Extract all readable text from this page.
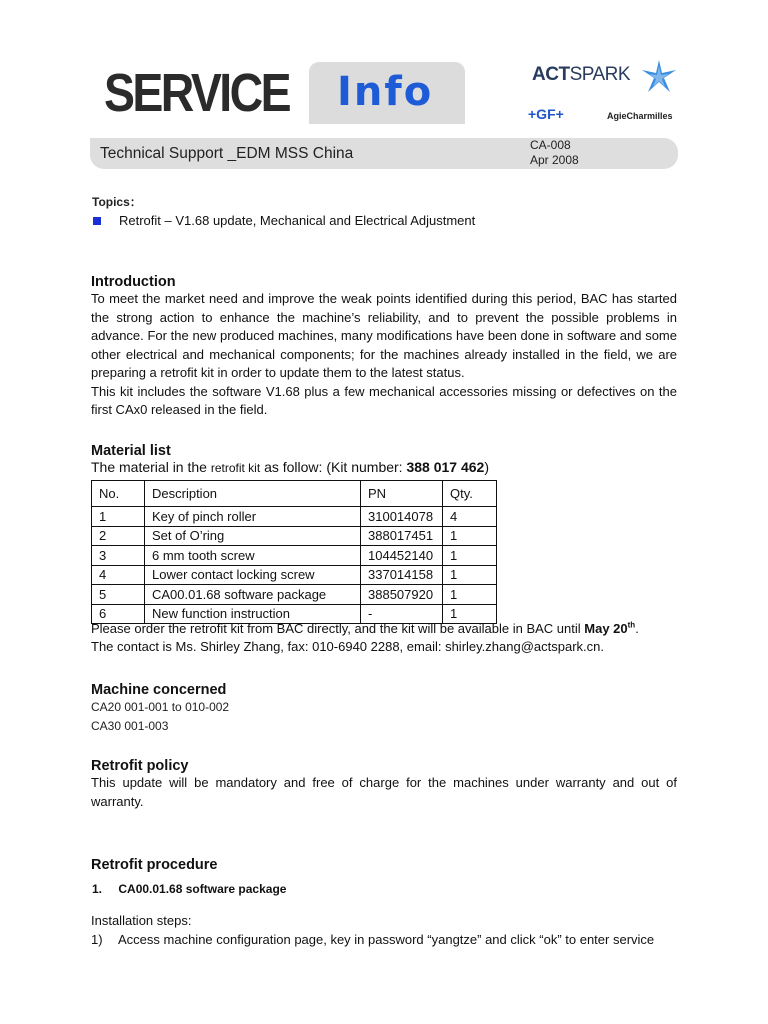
SERVICE Info	ACTSPARK
+GF+	AgieCharmilles
Technical Support _EDM MSS China	CA-008
Apr 2008
Topics：
Retrofit – V1.68 update, Mechanical and Electrical Adjustment
Introduction
To meet the market need and improve the weak points identified during this period, BAC has started the strong action to enhance the machine’s reliability, and to prevent the possible problems in advance. For the new produced machines, many modifications have been done in software and some other electrical and mechanical components; for the machines already installed in the field, we are preparing a retrofit kit in order to update them to the latest status.
This kit includes the software V1.68 plus a few mechanical accessories missing or defectives on the first CAx0 released in the field.
Material list
The material in the retrofit kit as follow: (Kit number: 388 017 462)
No.	Description	PN	Qty.
1	Key of pinch roller	310014078	4
2	Set of O’ring	388017451	1
3	6 mm tooth screw	104452140	1
4	Lower contact locking screw	337014158	1
5	CA00.01.68 software package	388507920	1
6	New function instruction	-	1
Please order the retrofit kit from BAC directly, and the kit will be available in BAC until May 20th.
The contact is Ms. Shirley Zhang, fax: 010-6940 2288, email: shirley.zhang@actspark.cn.
Machine concerned
CA20 001-001 to 010-002
CA30 001-003
Retrofit policy
This update will be mandatory and free of charge for the machines under warranty and out of warranty.
Retrofit procedure
1. CA00.01.68 software package
Installation steps:
1) Access machine configuration page, key in password “yangtze” and click “ok” to enter service
